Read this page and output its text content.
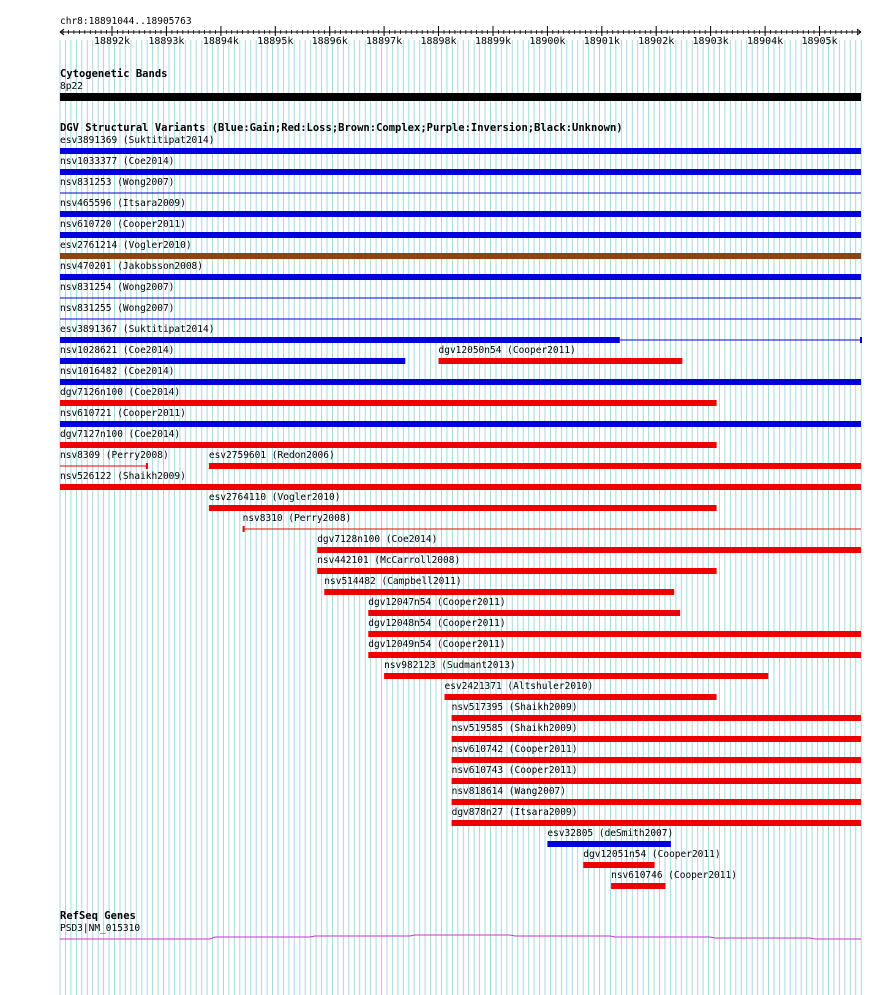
chr8:18891044..18905763
18892k 18893k 18894k 18895k 18896k 18897k 18898k 18899k 18900k 18901k 18902k 18903k 18904k 18905k
Cytogenetic Bands
8p22
DGV Structural Variants (Blue:Gain;Red:Loss;Brown:Complex;Purple:Inversion;Black:Unknown)
esv3891369 (Suktitipat2014)
nsv1033377 (Coe2014)
nsv831253 (Wong2007)
nsv465596 (Itsara2009)
nsv610720 (Cooper2011)
esv2761214 (Vogler2010)
nsv470201 (Jakobsson2008)
nsv831254 (Wong2007)
nsv831255 (Wong2007)
esv3891367 (Suktitipat2014)
nsv1028621 (Coe2014)	dgv12050n54 (Cooper2011)
nsv1016482 (Coe2014)
dgv7126n100 (Coe2014)
nsv610721 (Cooper2011)
dgv7127n100 (Coe2014)
nsv8309 (Perry2008)	esv2759601 (Redon2006)
nsv526122 (Shaikh2009)
esv2764110 (Vogler2010)
nsv8310 (Perry2008)
dgv7128n100 (Coe2014)
nsv442101 (McCarroll2008)
nsv514482 (Campbell2011)
dgv12047n54 (Cooper2011)
dgv12048n54 (Cooper2011)
dgv12049n54 (Cooper2011)
nsv982123 (Sudmant2013)
esv2421371 (Altshuler2010)
nsv517395 (Shaikh2009)
nsv519585 (Shaikh2009)
nsv610742 (Cooper2011)
nsv610743 (Cooper2011)
nsv818614 (Wang2007)
dgv878n27 (Itsara2009)
esv32805 (deSmith2007)
dgv12051n54 (Cooper2011)
nsv610746 (Cooper2011)
RefSeq Genes
PSD3|NM_015310
